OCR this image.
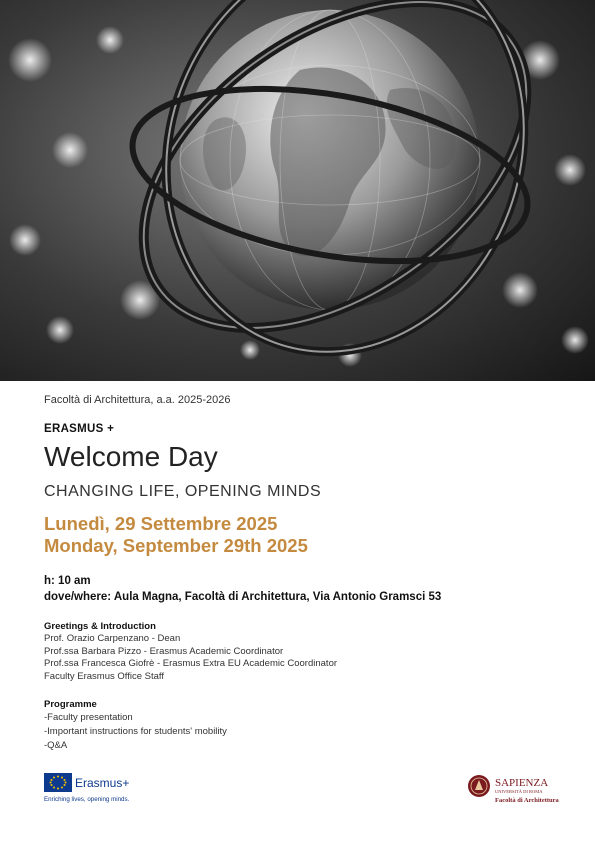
Facoltà di Architettura, a.a. 2025-2026

ERASMUS +

Welcome Day

CHANGING LIFE, OPENING MINDS

Lunedì, 29 Settembre 2025

Monday, September 29th 2025

h: 10 am

dove/where: Aula Magna, Facoltà di Architettura, Via Antonio Gramsci 53

Greetings & Introduction

Prof. Orazio Carpenzano - Dean

Prof.ssa Barbara Pizzo - Erasmus Academic Coordinator

Prof.ssa Francesca Giofrè - Erasmus Extra EU Academic Coordinator

Faculty Erasmus Office Staff

Programme

-Faculty presentation

-Important instructions for students' mobility

-Q&A

Erasmus+
Enriching lives, opening minds.
SAPIENZA
UNIVERSITÀ DI ROMA
Facoltà di Architettura
